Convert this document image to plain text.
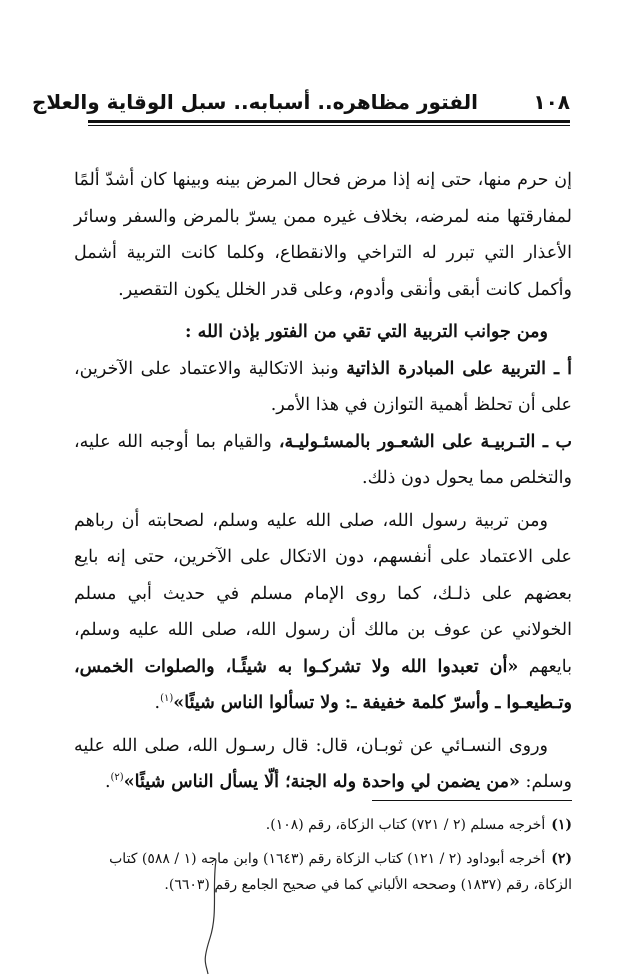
١٠٨
الفتور مظاهره.. أسبابه.. سبل الوقاية والعلاج

إن حرم منها، حتى إنه إذا مرض فحال المرض بينه وبينها كان أشدّ ألمًا لمفارقتها منه لمرضه، بخلاف غيره ممن يسرّ بالمرض والسفر وسائر الأعذار التي تبرر له التراخي والانقطاع، وكلما كانت التربية أشمل وأكمل كانت أبقى وأنقى وأدوم، وعلى قدر الخلل يكون التقصير.

ومن جوانب التربية التي تقي من الفتور بإذن الله :

أ ـ التربية على المبادرة الذاتية ونبذ الاتكالية والاعتماد على الآخرين، على أن تحلظ أهمية التوازن في هذا الأمر.

ب ـ التـربيـة على الشعـور بالمسئـوليـة، والقيام بما أوجبه الله عليه، والتخلص مما يحول دون ذلك.

ومن تربية رسول الله، صلى الله عليه وسلم، لصحابته أن رباهم على الاعتماد على أنفسهم، دون الاتكال على الآخرين، حتى إنه بايع بعضهم على ذلـك، كما روى الإمام مسلم في حديث أبي مسلم الخولاني عن عوف بن مالك أن رسول الله، صلى الله عليه وسلم، بايعهم «أن تعبدوا الله ولا تشركـوا به شيئًـا، والصلوات الخمس، وتـطيعـوا ـ وأسرّ كلمة خفيفة ـ: ولا تسألوا الناس شيئًا»$^{(١)}$.

وروى النسـائي عن ثوبـان، قال: قال رسـول الله، صلى الله عليه وسلم: «من يضمن لي واحدة وله الجنة؛ ألّا يسأل الناس شيئًا»$^{(٢)}$.

(١)أخرجه مسلم (٢ / ٧٢١) كتاب الزكاة، رقم (١٠٨).

(٢)أخرجه أبوداود (٢ / ١٢١) كتاب الزكاة رقم (١٦٤٣) وابن ماجه (١ / ٥٨٨) كتاب الزكاة، رقم (١٨٣٧) وصححه الألباني كما في صحيح الجامع رقم (٦٦٠٣).
